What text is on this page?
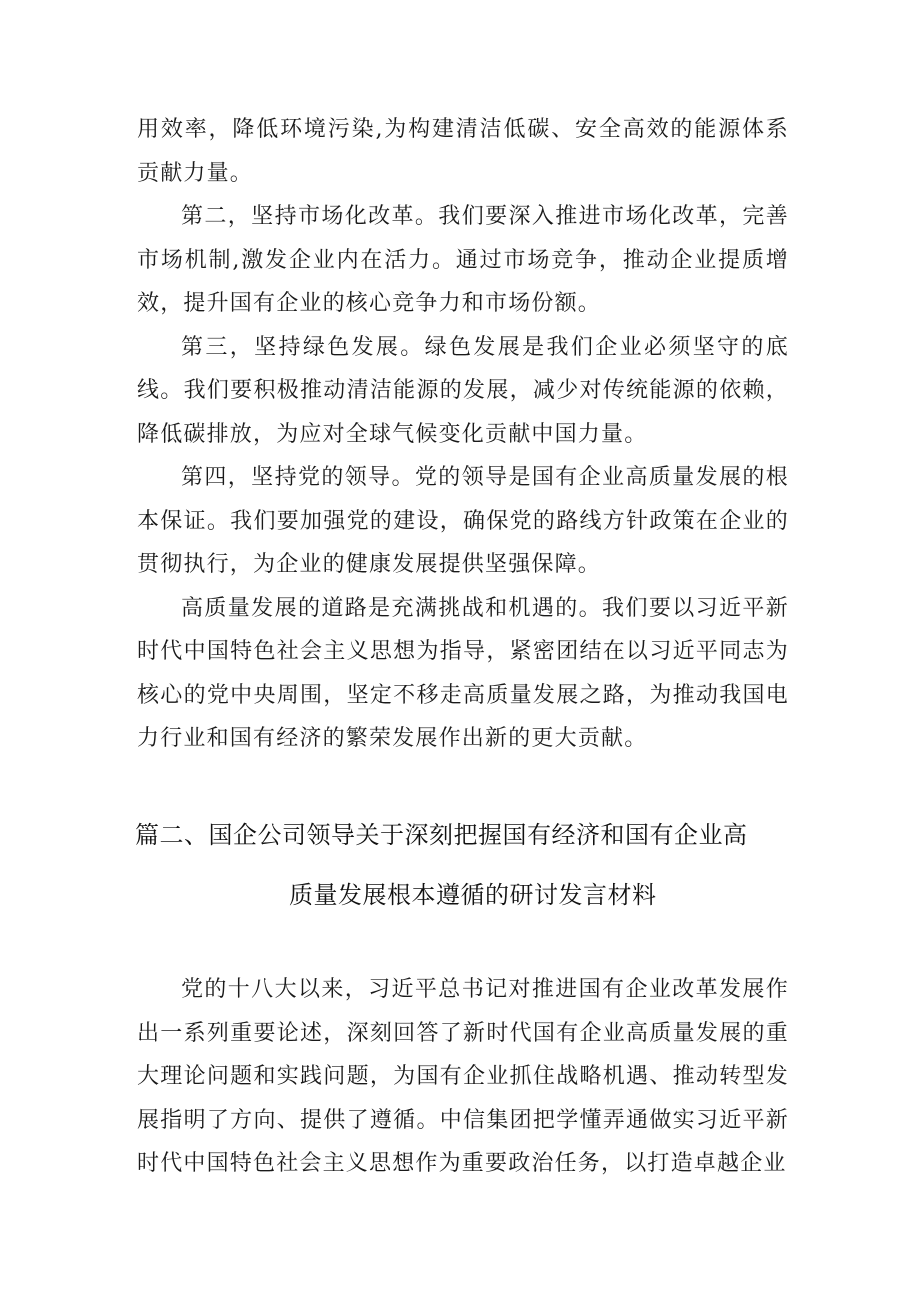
用效率，降低环境污染,为构建清洁低碳、安全高效的能源体系贡献力量。

第二，坚持市场化改革。我们要深入推进市场化改革，完善市场机制,激发企业内在活力。通过市场竞争，推动企业提质增效，提升国有企业的核心竞争力和市场份额。

第三，坚持绿色发展。绿色发展是我们企业必须坚守的底线。我们要积极推动清洁能源的发展，减少对传统能源的依赖，降低碳排放，为应对全球气候变化贡献中国力量。

第四，坚持党的领导。党的领导是国有企业高质量发展的根本保证。我们要加强党的建设，确保党的路线方针政策在企业的贯彻执行，为企业的健康发展提供坚强保障。

高质量发展的道路是充满挑战和机遇的。我们要以习近平新时代中国特色社会主义思想为指导，紧密团结在以习近平同志为核心的党中央周围，坚定不移走高质量发展之路，为推动我国电力行业和国有经济的繁荣发展作出新的更大贡献。

篇二、国企公司领导关于深刻把握国有经济和国有企业高
质量发展根本遵循的研讨发言材料

党的十八大以来，习近平总书记对推进国有企业改革发展作出一系列重要论述，深刻回答了新时代国有企业高质量发展的重大理论问题和实践问题，为国有企业抓住战略机遇、推动转型发展指明了方向、提供了遵循。中信集团把学懂弄通做实习近平新时代中国特色社会主义思想作为重要政治任务，以打造卓越企业
